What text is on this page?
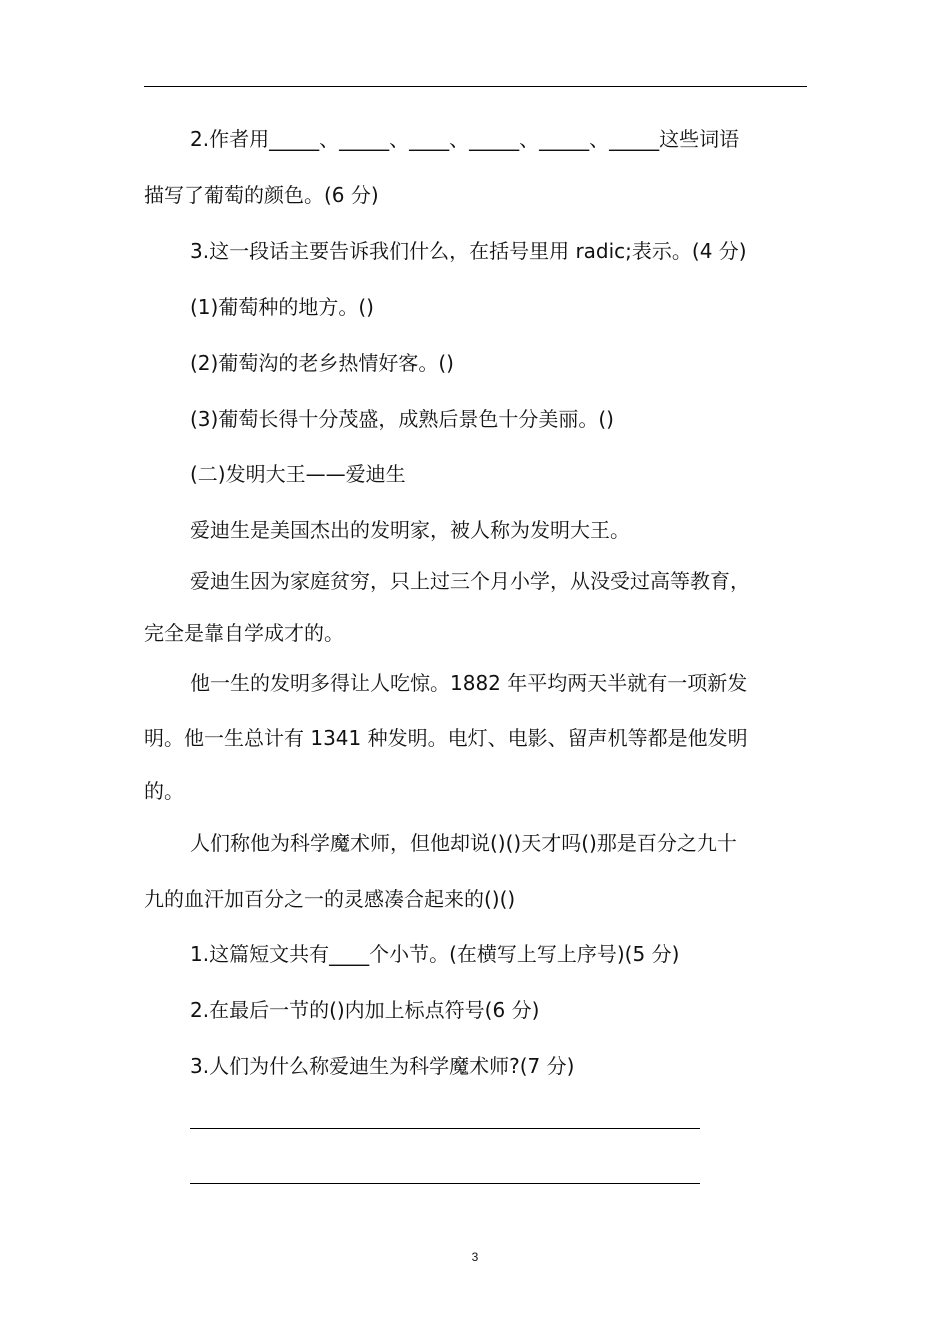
2.作者用_____、_____、____、_____、_____、_____这些词语
描写了葡萄的颜色。(6 分)
3.这一段话主要告诉我们什么，在括号里用 radic;表示。(4 分)
(1)葡萄种的地方。()
(2)葡萄沟的老乡热情好客。()
(3)葡萄长得十分茂盛，成熟后景色十分美丽。()
(二)发明大王——爱迪生
爱迪生是美国杰出的发明家，被人称为发明大王。
爱迪生因为家庭贫穷，只上过三个月小学，从没受过高等教育，
完全是靠自学成才的。
他一生的发明多得让人吃惊。1882 年平均两天半就有一项新发
明。他一生总计有 1341 种发明。电灯、电影、留声机等都是他发明
的。
人们称他为科学魔术师，但他却说()()天才吗()那是百分之九十
九的血汗加百分之一的灵感凑合起来的()()
1.这篇短文共有____个小节。(在横写上写上序号)(5 分)
2.在最后一节的()内加上标点符号(6 分)
3.人们为什么称爱迪生为科学魔术师?(7 分)
3
